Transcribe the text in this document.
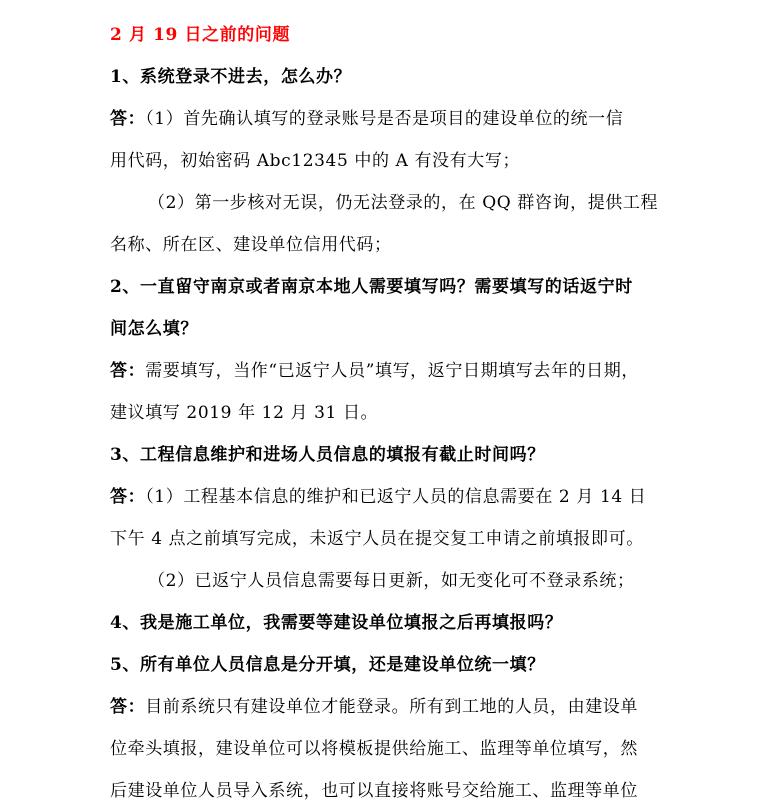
2 月 19 日之前的问题
1、系统登录不进去，怎么办？
答：（1）首先确认填写的登录账号是否是项目的建设单位的统一信
用代码，初始密码 Abc12345 中的 A 有没有大写；
（2）第一步核对无误，仍无法登录的，在 QQ 群咨询，提供工程
名称、所在区、建设单位信用代码；
2、一直留守南京或者南京本地人需要填写吗？需要填写的话返宁时
间怎么填？
答：需要填写，当作“已返宁人员”填写，返宁日期填写去年的日期，
建议填写 2019 年 12 月 31 日。
3、工程信息维护和进场人员信息的填报有截止时间吗？
答：（1）工程基本信息的维护和已返宁人员的信息需要在 2 月 14 日
下午 4 点之前填写完成，未返宁人员在提交复工申请之前填报即可。
（2）已返宁人员信息需要每日更新，如无变化可不登录系统；
4、我是施工单位，我需要等建设单位填报之后再填报吗？
5、所有单位人员信息是分开填，还是建设单位统一填？
答：目前系统只有建设单位才能登录。所有到工地的人员，由建设单
位牵头填报，建设单位可以将模板提供给施工、监理等单位填写，然
后建设单位人员导入系统，也可以直接将账号交给施工、监理等单位
